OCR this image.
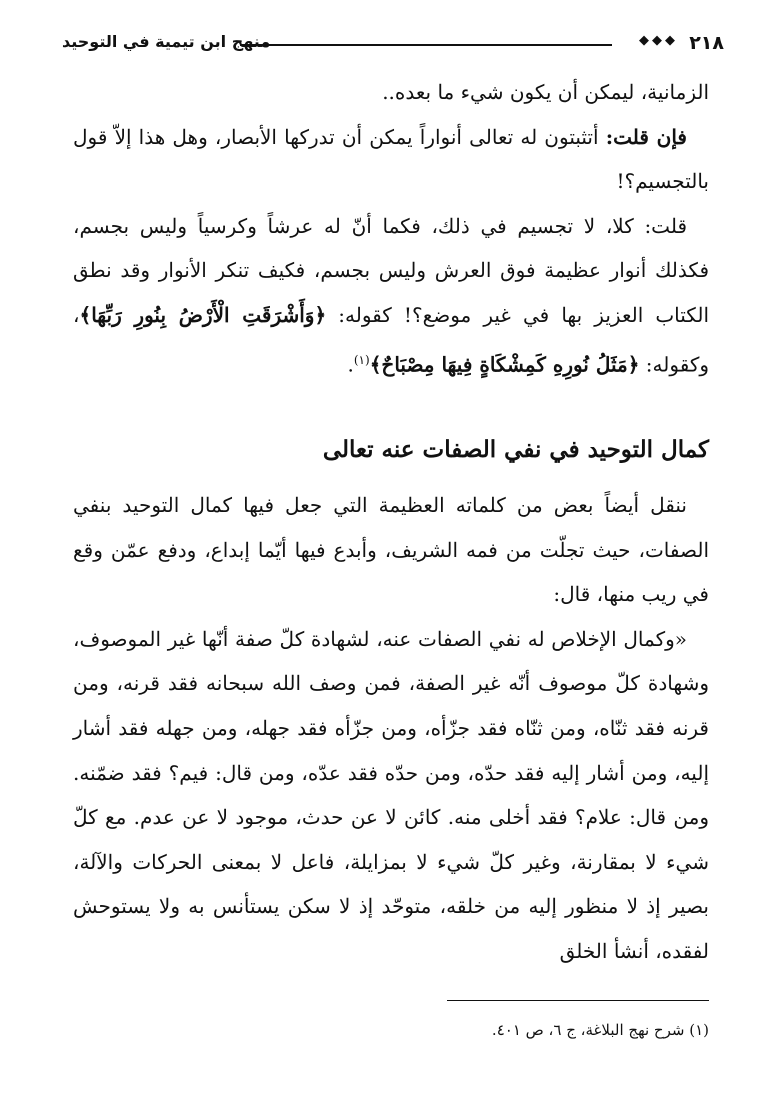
٢١٨
◆◆◆
منهج ابن تيمية في التوحيد

الزمانية، ليمكن أن يكون شيء ما بعده..

فإن قلت: أتثبتون له تعالى أنواراً يمكن أن تدركها الأبصار، وهل هذا إلاّ قول بالتجسيم؟!

قلت: كلا، لا تجسيم في ذلك، فكما أنّ له عرشاً وكرسياً وليس بجسم، فكذلك أنوار عظيمة فوق العرش وليس بجسم، فكيف تنكر الأنوار وقد نطق الكتاب العزيز بها في غير موضع؟! كقوله: ﴿وَأَشْرَقَتِ الْأَرْضُ بِنُورِ رَبِّهَا﴾، وكقوله: ﴿مَثَلُ نُورِهِ كَمِشْكَاةٍ فِيهَا مِصْبَاحٌ﴾$^{(١)}$.

كمال التوحيد في نفي الصفات عنه تعالى

ننقل أيضاً بعض من كلماته العظيمة التي جعل فيها كمال التوحيد بنفي الصفات، حيث تجلّت من فمه الشريف، وأبدع فيها أيّما إبداع، ودفع عمّن وقع في ريب منها، قال:

«وكمال الإخلاص له نفي الصفات عنه، لشهادة كلّ صفة أنّها غير الموصوف، وشهادة كلّ موصوف أنّه غير الصفة، فمن وصف الله سبحانه فقد قرنه، ومن قرنه فقد ثنّاه، ومن ثنّاه فقد جزّأه، ومن جزّأه فقد جهله، ومن جهله فقد أشار إليه، ومن أشار إليه فقد حدّه، ومن حدّه فقد عدّه، ومن قال: فيم؟ فقد ضمّنه. ومن قال: علام؟ فقد أخلى منه. كائن لا عن حدث، موجود لا عن عدم. مع كلّ شيء لا بمقارنة، وغير كلّ شيء لا بمزايلة، فاعل لا بمعنى الحركات والآلة، بصير إذ لا منظور إليه من خلقه، متوحّد إذ لا سكن يستأنس به ولا يستوحش لفقده، أنشأ الخلق

(١) شرح نهج البلاغة، ج ٦، ص ٤٠١.
